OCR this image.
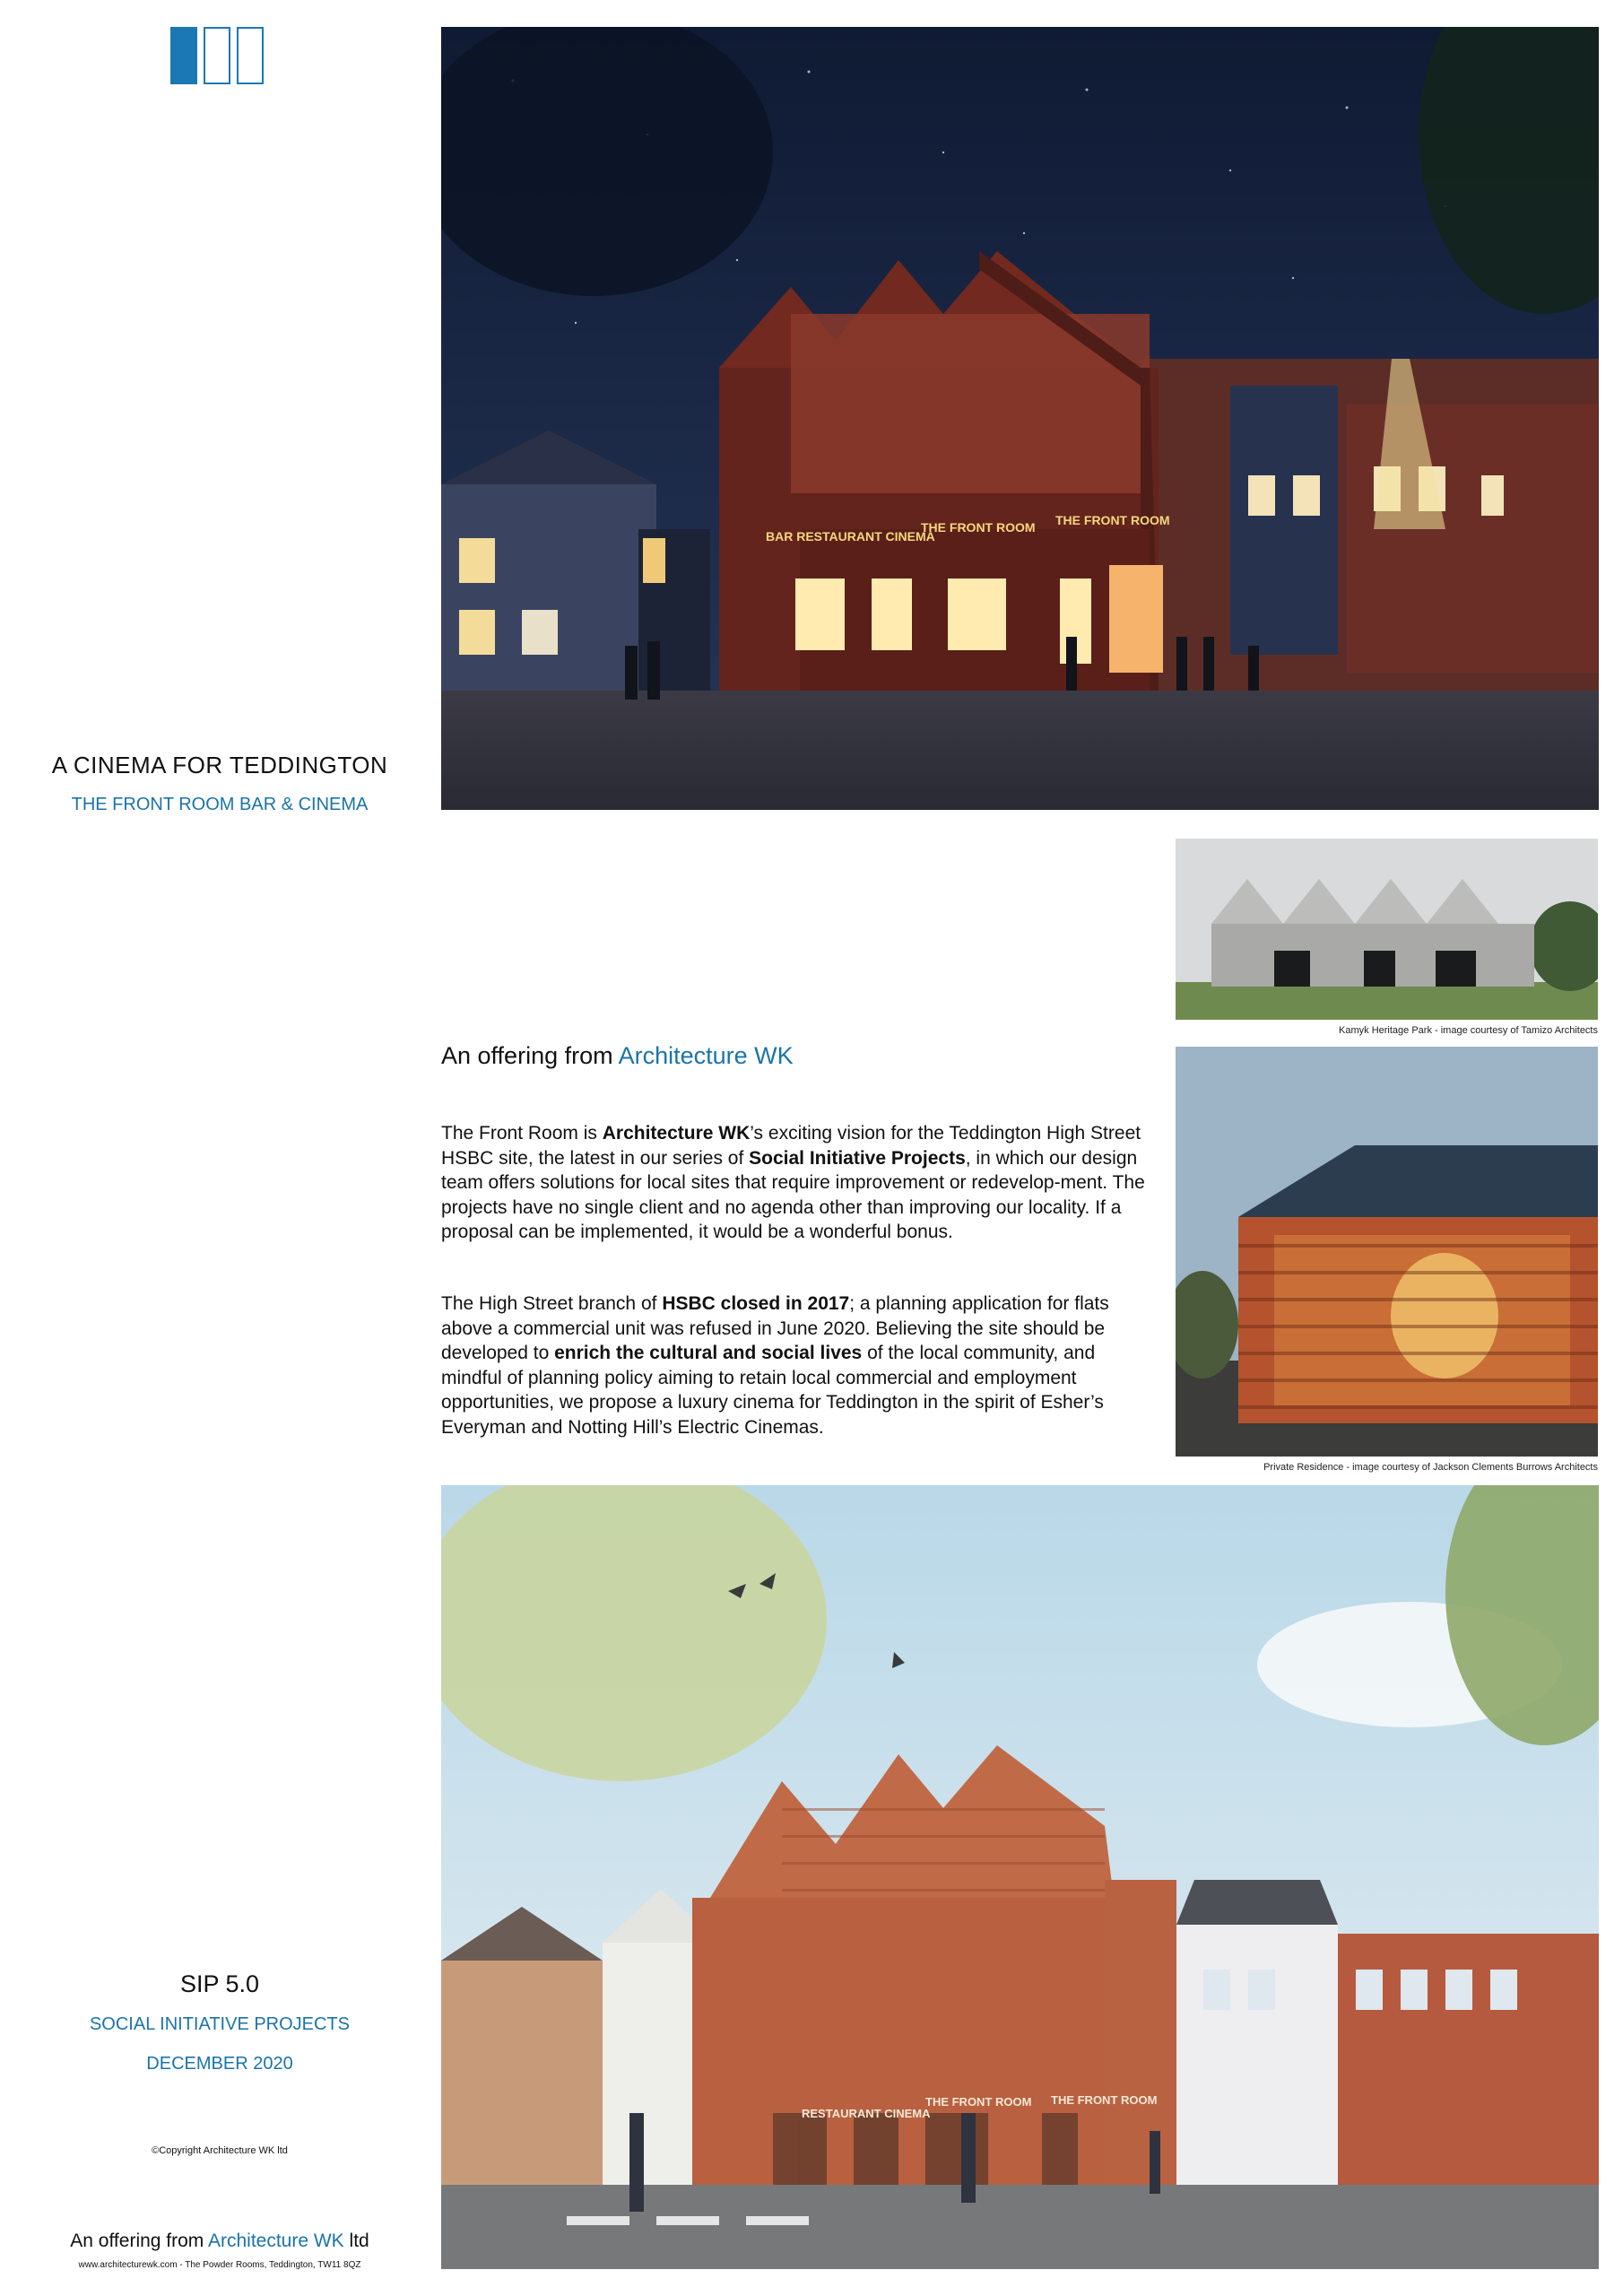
A CINEMA FOR TEDDINGTON
THE FRONT ROOM BAR & CINEMA
BAR RESTAURANT CINEMA
THE FRONT ROOM THE FRONT ROOM
Kamyk Heritage Park - image courtesy of Tamizo Architects
Private Residence - image courtesy of Jackson Clements Burrows Architects
An offering from Architecture WK
The Front Room is Architecture WK’s exciting vision for the Teddington High Street HSBC site, the latest in our series of Social Initiative Projects, in which our design team offers solutions for local sites that require improvement or redevelop-ment. The projects have no single client and no agenda other than improving our locality. If a proposal can be implemented, it would be a wonderful bonus.
The High Street branch of HSBC closed in 2017; a planning application for flats above a commercial unit was refused in June 2020. Believing the site should be developed to enrich the cultural and social lives of the local community, and mindful of planning policy aiming to retain local commercial and employment opportunities, we propose a luxury cinema for Teddington in the spirit of Esher’s Everyman and Notting Hill’s Electric Cinemas.
RESTAURANT CINEMA
THE FRONT ROOM THE FRONT ROOM
SIP 5.0
SOCIAL INITIATIVE PROJECTS
DECEMBER 2020
©Copyright Architecture WK ltd
An offering from Architecture WK ltd
www.architecturewk.com - The Powder Rooms, Teddington, TW11 8QZ
